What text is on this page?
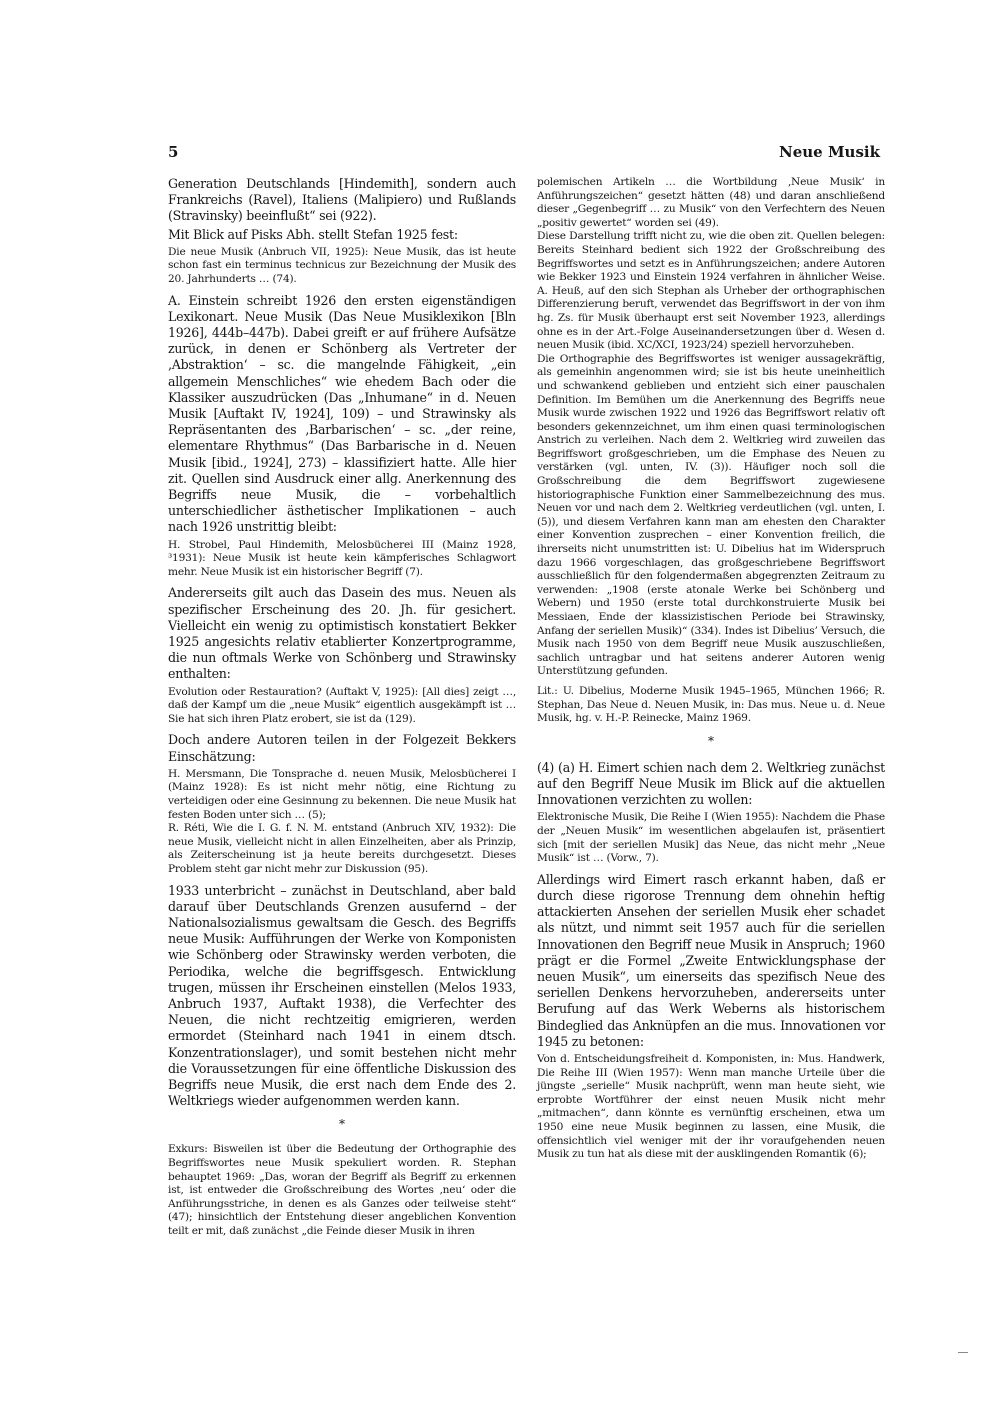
5	Neue Musik

Generation Deutschlands [Hindemith], sondern auch Frankreichs (Ravel), Italiens (Malipiero) und Rußlands (Stravinsky) beeinflußt“ sei (922).

Mit Blick auf Pisks Abh. stellt Stefan 1925 fest:

Die neue Musik (Anbruch VII, 1925): Neue Musik, das ist heute schon fast ein terminus technicus zur Bezeichnung der Musik des 20. Jahrhunderts … (74).

A. Einstein schreibt 1926 den ersten eigenständigen Lexikonart. Neue Musik (Das Neue Musiklexikon [Bln 1926], 444b–447b). Dabei greift er auf frühere Aufsätze zurück, in denen er Schönberg als Vertreter der ‚Abstraktion‘ – sc. die mangelnde Fähigkeit, „ein allgemein Menschliches“ wie ehedem Bach oder die Klassiker auszudrücken (Das „Inhumane“ in d. Neuen Musik [Auftakt IV, 1924], 109) – und Strawinsky als Repräsentanten des ‚Barbarischen‘ – sc. „der reine, elementare Rhythmus“ (Das Barbarische in d. Neuen Musik [ibid., 1924], 273) – klassifiziert hatte. Alle hier zit. Quellen sind Ausdruck einer allg. Anerkennung des Begriffs neue Musik, die – vorbehaltlich unterschiedlicher ästhetischer Implikationen – auch nach 1926 unstrittig bleibt:

H. Strobel, Paul Hindemith, Melosbücherei III (Mainz 1928, ³1931): Neue Musik ist heute kein kämpferisches Schlagwort mehr. Neue Musik ist ein historischer Begriff (7).

Andererseits gilt auch das Dasein des mus. Neuen als spezifischer Erscheinung des 20. Jh. für gesichert. Vielleicht ein wenig zu optimistisch konstatiert Bekker 1925 angesichts relativ etablierter Konzertprogramme, die nun oftmals Werke von Schönberg und Strawinsky enthalten:

Evolution oder Restauration? (Auftakt V, 1925): [All dies] zeigt …, daß der Kampf um die „neue Musik“ eigentlich ausgekämpft ist … Sie hat sich ihren Platz erobert, sie ist da (129).

Doch andere Autoren teilen in der Folgezeit Bekkers Einschätzung:

H. Mersmann, Die Tonsprache d. neuen Musik, Melosbücherei I (Mainz 1928): Es ist nicht mehr nötig, eine Richtung zu verteidigen oder eine Gesinnung zu bekennen. Die neue Musik hat festen Boden unter sich … (5);

R. Réti, Wie die I. G. f. N. M. entstand (Anbruch XIV, 1932): Die neue Musik, vielleicht nicht in allen Einzelheiten, aber als Prinzip, als Zeiterscheinung ist ja heute bereits durchgesetzt. Dieses Problem steht gar nicht mehr zur Diskussion (95).

1933 unterbricht – zunächst in Deutschland, aber bald darauf über Deutschlands Grenzen ausufernd – der Nationalsozialismus gewaltsam die Gesch. des Begriffs neue Musik: Aufführungen der Werke von Komponisten wie Schönberg oder Strawinsky werden verboten, die Periodika, welche die begriffsgesch. Entwicklung trugen, müssen ihr Erscheinen einstellen (Melos 1933, Anbruch 1937, Auftakt 1938), die Verfechter des Neuen, die nicht rechtzeitig emigrieren, werden ermordet (Steinhard nach 1941 in einem dtsch. Konzentrationslager), und somit bestehen nicht mehr die Voraussetzungen für eine öffentliche Diskussion des Begriffs neue Musik, die erst nach dem Ende des 2. Weltkriegs wieder aufgenommen werden kann.

*

Exkurs: Bisweilen ist über die Bedeutung der Orthographie des Begriffswortes neue Musik spekuliert worden. R. Stephan behauptet 1969: „Das, woran der Begriff als Begriff zu erkennen ist, ist entweder die Großschreibung des Wortes ‚neu‘ oder die Anführungsstriche, in denen es als Ganzes oder teilweise steht“ (47); hinsichtlich der Entstehung dieser angeblichen Konvention teilt er mit, daß zunächst „die Feinde dieser Musik in ihren

polemischen Artikeln … die Wortbildung ‚Neue Musik‘ in Anführungszeichen“ gesetzt hätten (48) und daran anschließend dieser „Gegenbegriff … zu Musik“ von den Verfechtern des Neuen „positiv gewertet“ worden sei (49).

Diese Darstellung trifft nicht zu, wie die oben zit. Quellen belegen: Bereits Steinhard bedient sich 1922 der Großschreibung des Begriffswortes und setzt es in Anführungszeichen; andere Autoren wie Bekker 1923 und Einstein 1924 verfahren in ähnlicher Weise. A. Heuß, auf den sich Stephan als Urheber der orthographischen Differenzierung beruft, verwendet das Begriffswort in der von ihm hg. Zs. für Musik überhaupt erst seit November 1923, allerdings ohne es in der Art.-Folge Auseinandersetzungen über d. Wesen d. neuen Musik (ibid. XC/XCI, 1923/24) speziell hervorzuheben.

Die Orthographie des Begriffswortes ist weniger aussagekräftig, als gemeinhin angenommen wird; sie ist bis heute uneinheitlich und schwankend geblieben und entzieht sich einer pauschalen Definition. Im Bemühen um die Anerkennung des Begriffs neue Musik wurde zwischen 1922 und 1926 das Begriffswort relativ oft besonders gekennzeichnet, um ihm einen quasi terminologischen Anstrich zu verleihen. Nach dem 2. Weltkrieg wird zuweilen das Begriffswort großgeschrieben, um die Emphase des Neuen zu verstärken (vgl. unten, IV. (3)). Häufiger noch soll die Großschreibung die dem Begriffswort zugewiesene historiographische Funktion einer Sammelbezeichnung des mus. Neuen vor und nach dem 2. Weltkrieg verdeutlichen (vgl. unten, I. (5)), und diesem Verfahren kann man am ehesten den Charakter einer Konvention zusprechen – einer Konvention freilich, die ihrerseits nicht unumstritten ist: U. Dibelius hat im Widerspruch dazu 1966 vorgeschlagen, das großgeschriebene Begriffswort ausschließlich für den folgendermaßen abgegrenzten Zeitraum zu verwenden: „1908 (erste atonale Werke bei Schönberg und Webern) und 1950 (erste total durchkonstruierte Musik bei Messiaen, Ende der klassizistischen Periode bei Strawinsky, Anfang der seriellen Musik)“ (334). Indes ist Dibelius’ Versuch, die Musik nach 1950 von dem Begriff neue Musik auszuschließen, sachlich untragbar und hat seitens anderer Autoren wenig Unterstützung gefunden.

Lit.: U. Dibelius, Moderne Musik 1945–1965, München 1966; R. Stephan, Das Neue d. Neuen Musik, in: Das mus. Neue u. d. Neue Musik, hg. v. H.-P. Reinecke, Mainz 1969.

*

(4) (a) H. Eimert schien nach dem 2. Weltkrieg zunächst auf den Begriff Neue Musik im Blick auf die aktuellen Innovationen verzichten zu wollen:

Elektronische Musik, Die Reihe I (Wien 1955): Nachdem die Phase der „Neuen Musik“ im wesentlichen abgelaufen ist, präsentiert sich [mit der seriellen Musik] das Neue, das nicht mehr „Neue Musik“ ist … (Vorw., 7).

Allerdings wird Eimert rasch erkannt haben, daß er durch diese rigorose Trennung dem ohnehin heftig attackierten Ansehen der seriellen Musik eher schadet als nützt, und nimmt seit 1957 auch für die seriellen Innovationen den Begriff neue Musik in Anspruch; 1960 prägt er die Formel „Zweite Entwicklungsphase der neuen Musik“, um einerseits das spezifisch Neue des seriellen Denkens hervorzuheben, andererseits unter Berufung auf das Werk Weberns als historischem Bindeglied das Anknüpfen an die mus. Innovationen vor 1945 zu betonen:

Von d. Entscheidungsfreiheit d. Komponisten, in: Mus. Handwerk, Die Reihe III (Wien 1957): Wenn man manche Urteile über die jüngste „serielle“ Musik nachprüft, wenn man heute sieht, wie erprobte Wortführer der einst neuen Musik nicht mehr „mitmachen“, dann könnte es vernünftig erscheinen, etwa um 1950 eine neue Musik beginnen zu lassen, eine Musik, die offensichtlich viel weniger mit der ihr voraufgehenden neuen Musik zu tun hat als diese mit der ausklingenden Romantik (6);
